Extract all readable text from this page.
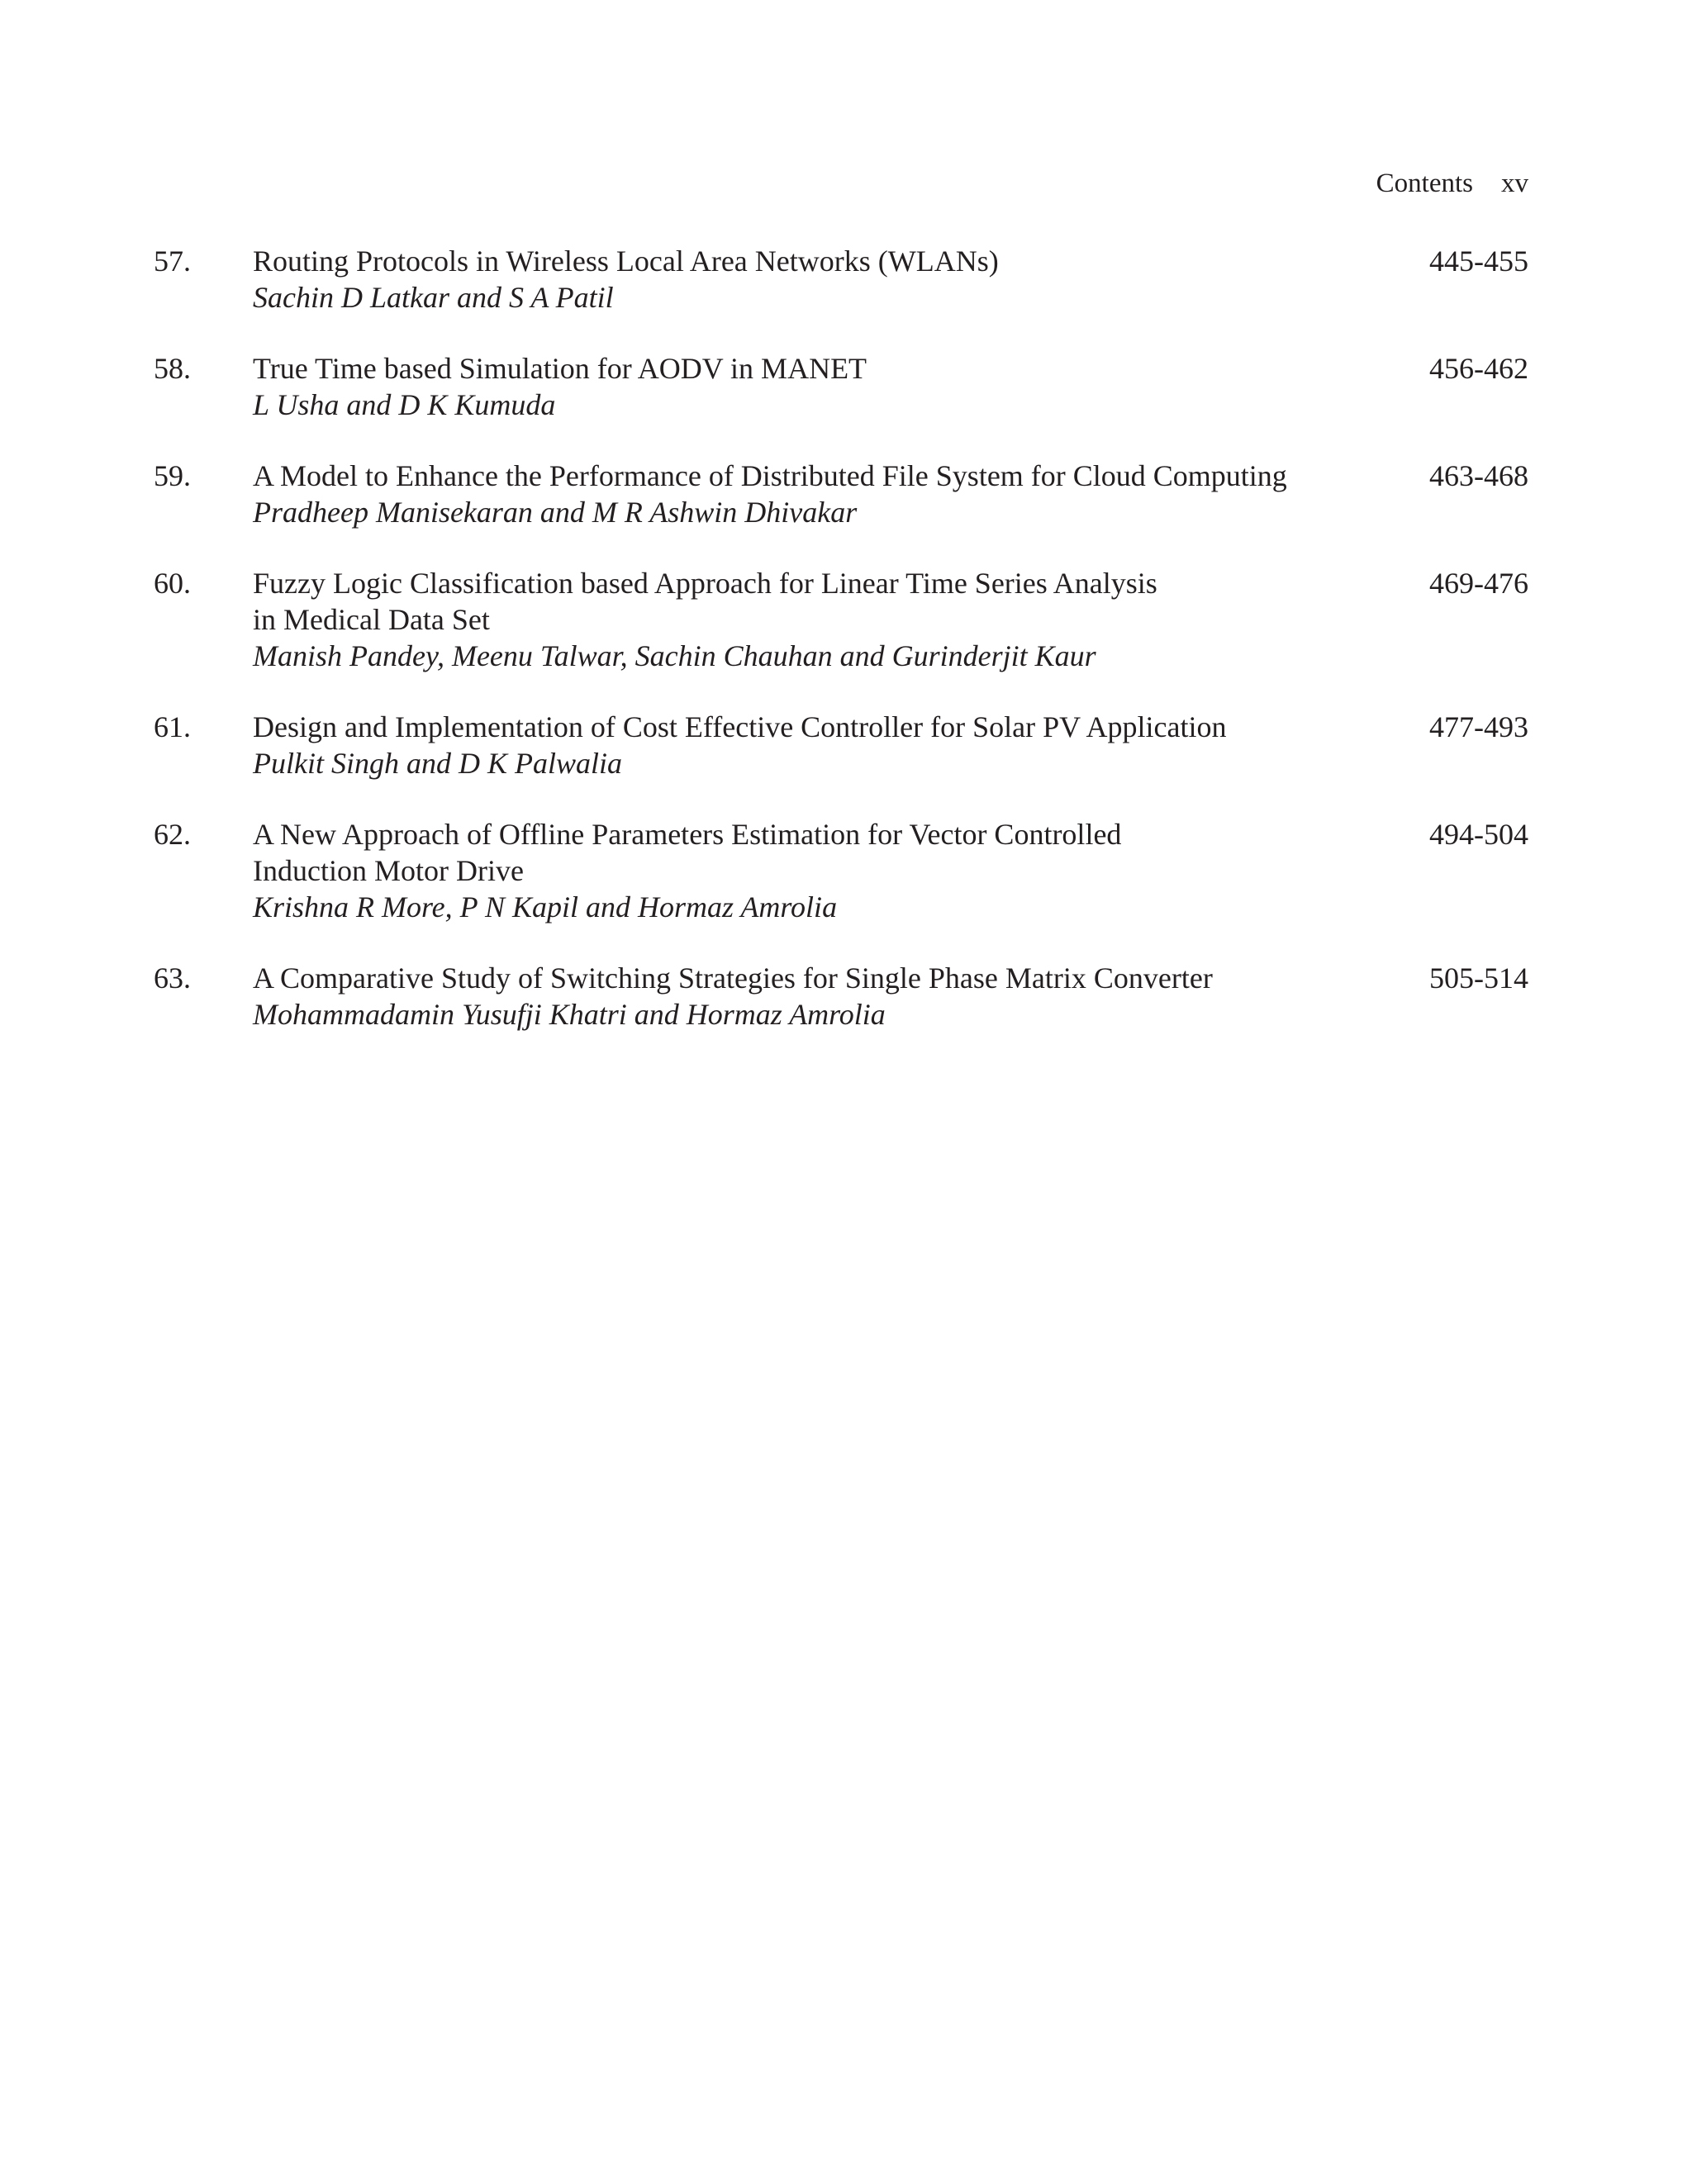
Contents xv
57. Routing Protocols in Wireless Local Area Networks (WLANs)
Sachin D Latkar and S A Patil
445-455
58. True Time based Simulation for AODV in MANET
L Usha and D K Kumuda
456-462
59. A Model to Enhance the Performance of Distributed File System for Cloud Computing
Pradheep Manisekaran and M R Ashwin Dhivakar
463-468
60. Fuzzy Logic Classification based Approach for Linear Time Series Analysis
in Medical Data Set
Manish Pandey, Meenu Talwar, Sachin Chauhan and Gurinderjit Kaur
469-476
61. Design and Implementation of Cost Effective Controller for Solar PV Application
Pulkit Singh and D K Palwalia
477-493
62. A New Approach of Offline Parameters Estimation for Vector Controlled
Induction Motor Drive
Krishna R More, P N Kapil and Hormaz Amrolia
494-504
63. A Comparative Study of Switching Strategies for Single Phase Matrix Converter
Mohammadamin Yusufji Khatri and Hormaz Amrolia
505-514
